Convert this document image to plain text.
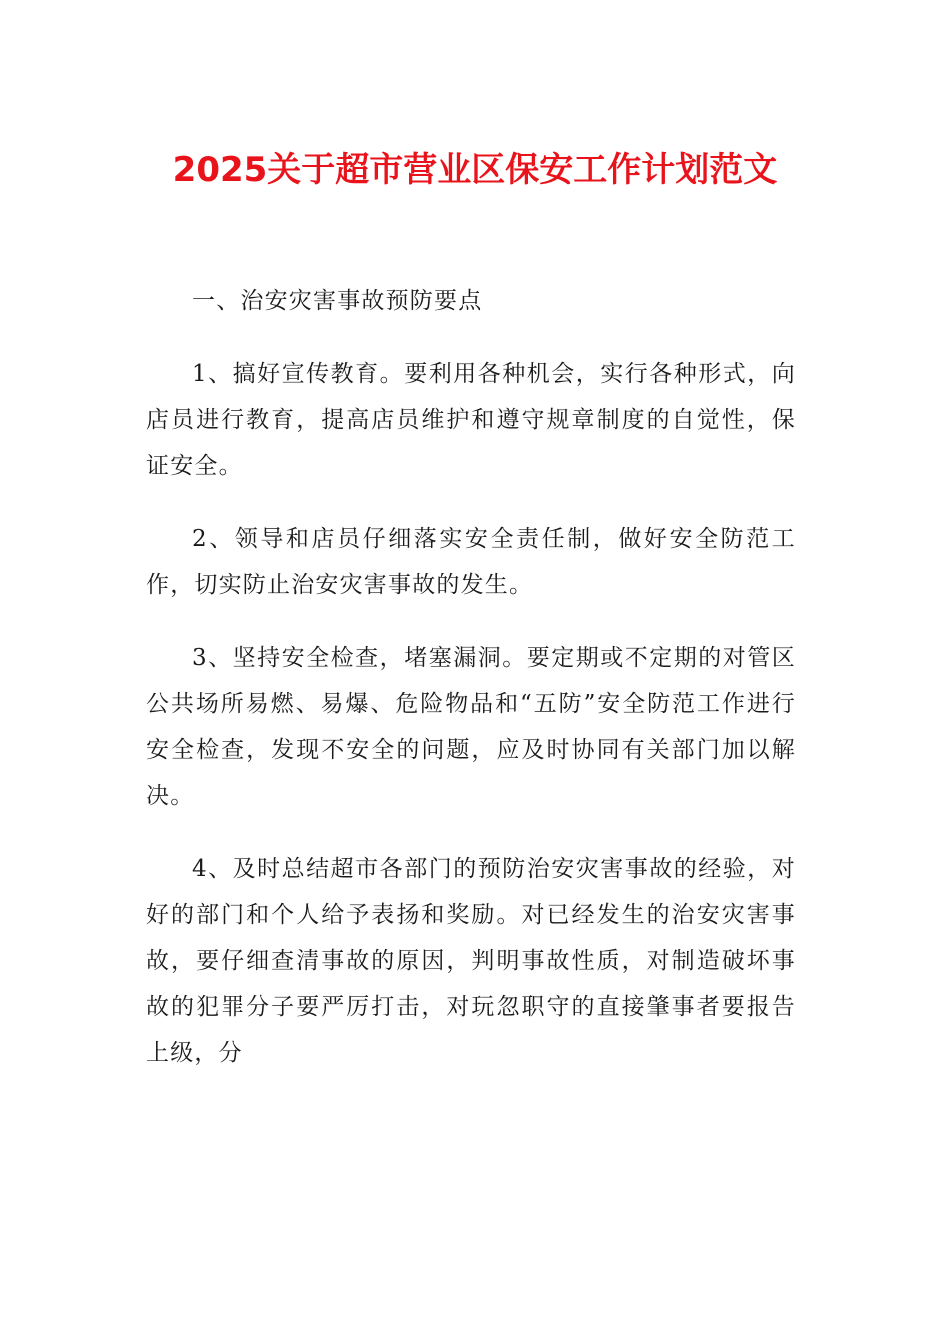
2025关于超市营业区保安工作计划范文

一、治安灾害事故预防要点

1、搞好宣传教育。要利用各种机会，实行各种形式，向店员进行教育，提高店员维护和遵守规章制度的自觉性，保证安全。

2、领导和店员仔细落实安全责任制，做好安全防范工作，切实防止治安灾害事故的发生。

3、坚持安全检查，堵塞漏洞。要定期或不定期的对管区公共场所易燃、易爆、危险物品和“五防”安全防范工作进行安全检查，发现不安全的问题，应及时协同有关部门加以解决。

4、及时总结超市各部门的预防治安灾害事故的经验，对好的部门和个人给予表扬和奖励。对已经发生的治安灾害事故，要仔细查清事故的原因，判明事故性质，对制造破坏事故的犯罪分子要严厉打击，对玩忽职守的直接肇事者要报告上级，分
